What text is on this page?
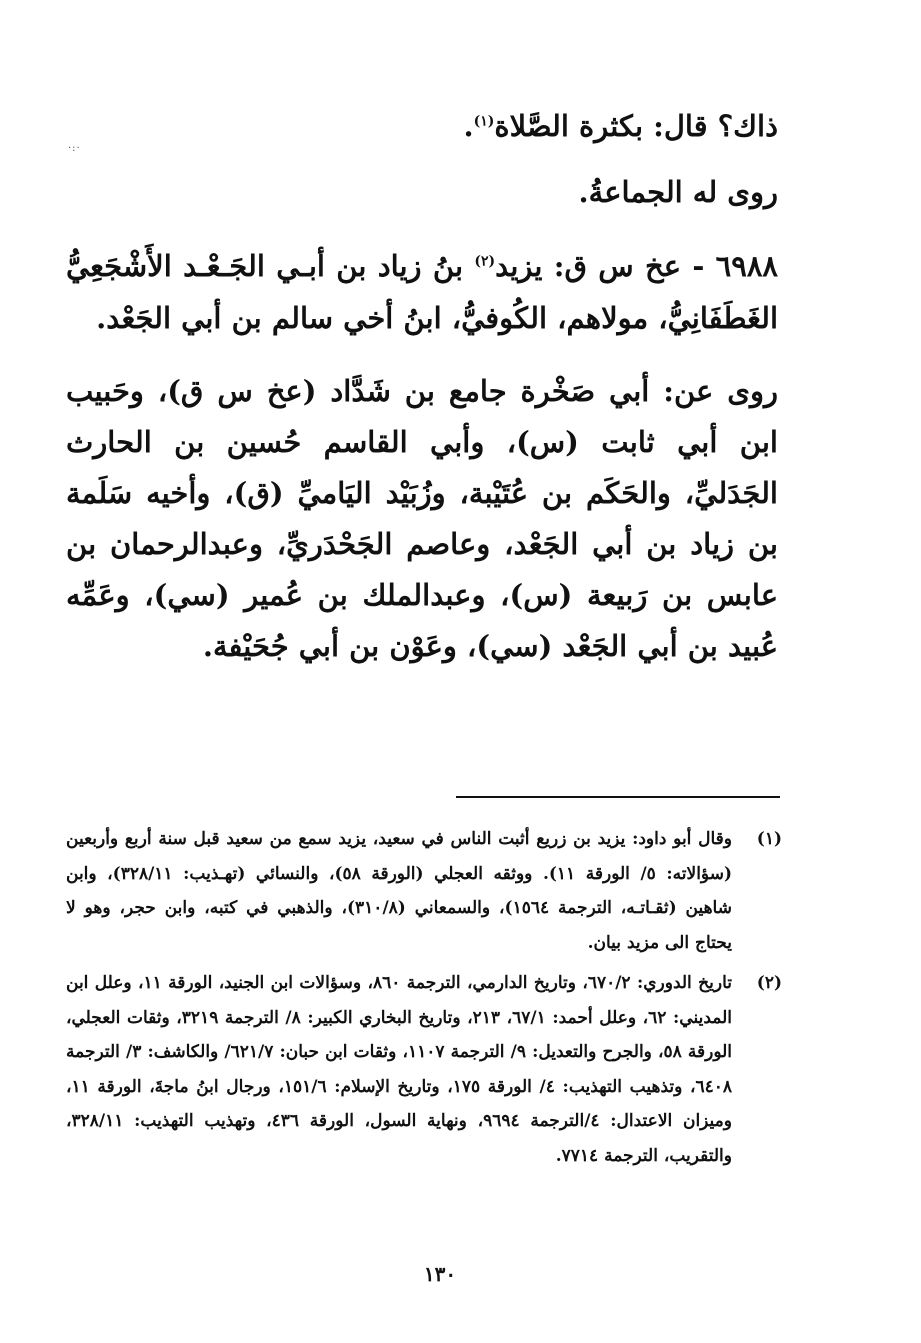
·:·

ذاك؟ قال: بكثرة الصَّلاة$^{(١)}$.

روى له الجماعةُ.

٦٩٨٨ - عخ س ق: يزيد$^{(٢)}$ بنُ زياد بن أبـي الجَـعْـد الأَشْجَعِيُّ الغَطَفَانِيُّ، مولاهم، الكُوفيُّ، ابنُ أخي سالم بن أبي الجَعْد.

روى عن: أبي صَخْرة جامع بن شَدَّاد (عخ س ق)، وحَبيب ابن أبي ثابت (س)، وأبي القاسم حُسين بن الحارث الجَدَليِّ، والحَكَم بن عُتَيْبة، وزُبَيْد اليَاميِّ (ق)، وأخيه سَلَمة بن زياد بن أبي الجَعْد، وعاصم الجَحْدَريِّ، وعبدالرحمان بن عابس بن رَبيعة (س)، وعبدالملك بن عُمير (سي)، وعَمِّه عُبيد بن أبي الجَعْد (سي)، وعَوْن بن أبي جُحَيْفة.

(١)
وقال أبو داود: يزيد بن زريع أثبت الناس في سعيد، يزيد سمع من سعيد قبل سنة أربع وأربعين (سؤالاته: ٥/ الورقة ١١). ووثقه العجلي (الورقة ٥٨)، والنسائي (تهـذيب: ٣٢٨/١١)، وابن شاهين (ثقـاتـه، الترجمة ١٥٦٤)، والسمعاني (٣١٠/٨)، والذهبي في كتبه، وابن حجر، وهو لا يحتاج الى مزيد بيان.
(٢)
تاريخ الدوري: ٦٧٠/٢، وتاريخ الدارمي، الترجمة ٨٦٠، وسؤالات ابن الجنيد، الورقة ١١، وعلل ابن المديني: ٦٢، وعلل أحمد: ٦٧/١، ٢١٣، وتاريخ البخاري الكبير: ٨/ الترجمة ٣٢١٩، وثقات العجلي، الورقة ٥٨، والجرح والتعديل: ٩/ الترجمة ١١٠٧، وثقات ابن حبان: ٦٢١/٧/ والكاشف: ٣/ الترجمة ٦٤٠٨، وتذهيب التهذيب: ٤/ الورقة ١٧٥، وتاريخ الإسلام: ١٥١/٦، ورجال ابنُ ماجةَ، الورقة ١١، وميزان الاعتدال: ٤/الترجمة ٩٦٩٤، ونهاية السول، الورقة ٤٣٦، وتهذيب التهذيب: ٣٢٨/١١، والتقريب، الترجمة ٧٧١٤.
١٣٠
